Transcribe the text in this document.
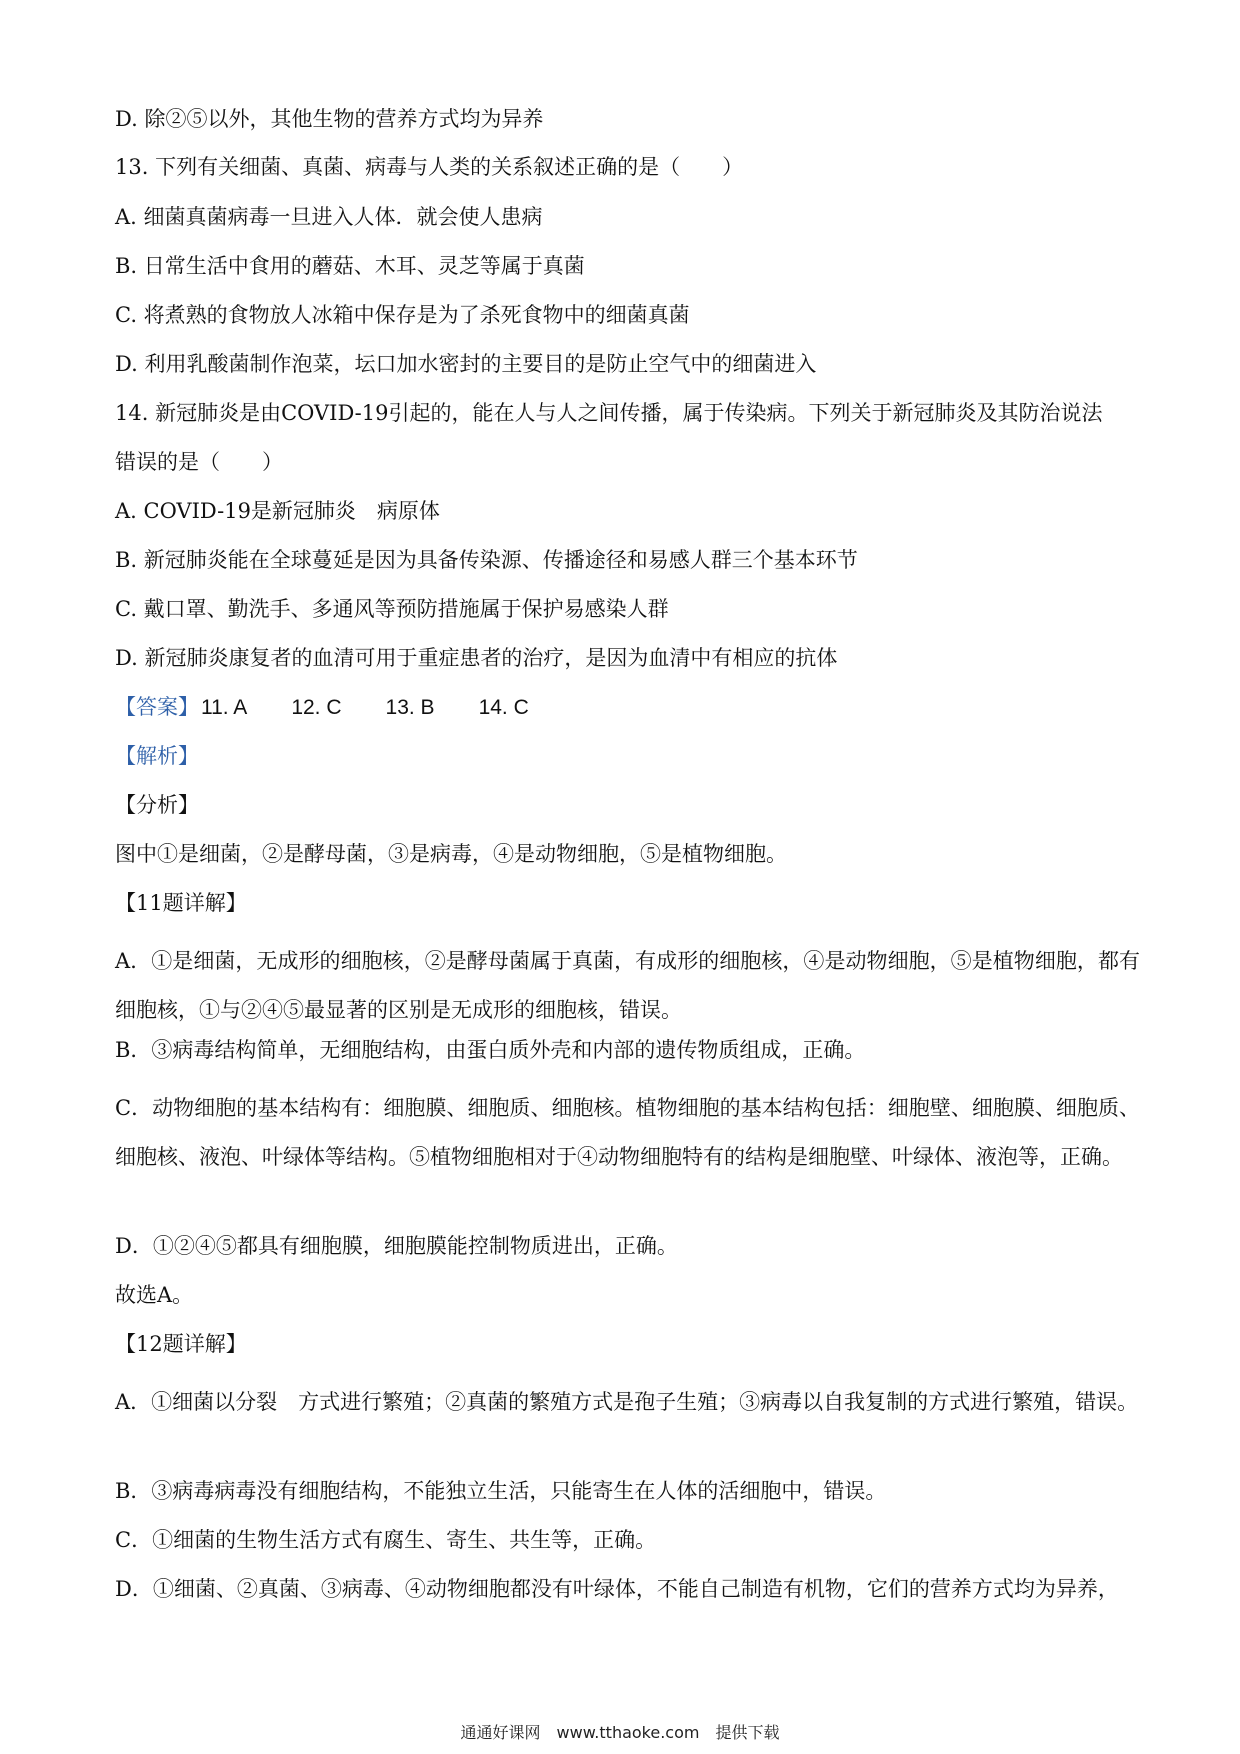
D. 除②⑤以外，其他生物的营养方式均为异养
13. 下列有关细菌、真菌、病毒与人类的关系叙述正确的是（　　）
A. 细菌真菌病毒一旦进入人体．就会使人患病
B. 日常生活中食用的蘑菇、木耳、灵芝等属于真菌
C. 将煮熟的食物放人冰箱中保存是为了杀死食物中的细菌真菌
D. 利用乳酸菌制作泡菜，坛口加水密封的主要目的是防止空气中的细菌进入
14. 新冠肺炎是由COVID-19引起的，能在人与人之间传播，属于传染病。下列关于新冠肺炎及其防治说法
错误的是（　　）
A. COVID-19是新冠肺炎　病原体
B. 新冠肺炎能在全球蔓延是因为具备传染源、传播途径和易感人群三个基本环节
C. 戴口罩、勤洗手、多通风等预防措施属于保护易感染人群
D. 新冠肺炎康复者的血清可用于重症患者的治疗，是因为血清中有相应的抗体
【答案】11. A 12. C 13. B 14. C
【解析】
【分析】
图中①是细菌，②是酵母菌，③是病毒，④是动物细胞，⑤是植物细胞。
【11题详解】
A．①是细菌，无成形的细胞核，②是酵母菌属于真菌，有成形的细胞核，④是动物细胞，⑤是植物细胞，都有细胞核，①与②④⑤最显著的区别是无成形的细胞核，错误。
B．③病毒结构简单，无细胞结构，由蛋白质外壳和内部的遗传物质组成，正确。
C．动物细胞的基本结构有：细胞膜、细胞质、细胞核。植物细胞的基本结构包括：细胞壁、细胞膜、细胞质、细胞核、液泡、叶绿体等结构。⑤植物细胞相对于④动物细胞特有的结构是细胞壁、叶绿体、液泡等，正确。
D．①②④⑤都具有细胞膜，细胞膜能控制物质进出，正确。
故选A。
【12题详解】
A．①细菌以分裂　方式进行繁殖；②真菌的繁殖方式是孢子生殖；③病毒以自我复制的方式进行繁殖，错误。
B．③病毒病毒没有细胞结构，不能独立生活，只能寄生在人体的活细胞中，错误。
C．①细菌的生物生活方式有腐生、寄生、共生等，正确。
D．①细菌、②真菌、③病毒、④动物细胞都没有叶绿体，不能自己制造有机物，它们的营养方式均为异养，
通通好课网　www.tthaoke.com　提供下载
